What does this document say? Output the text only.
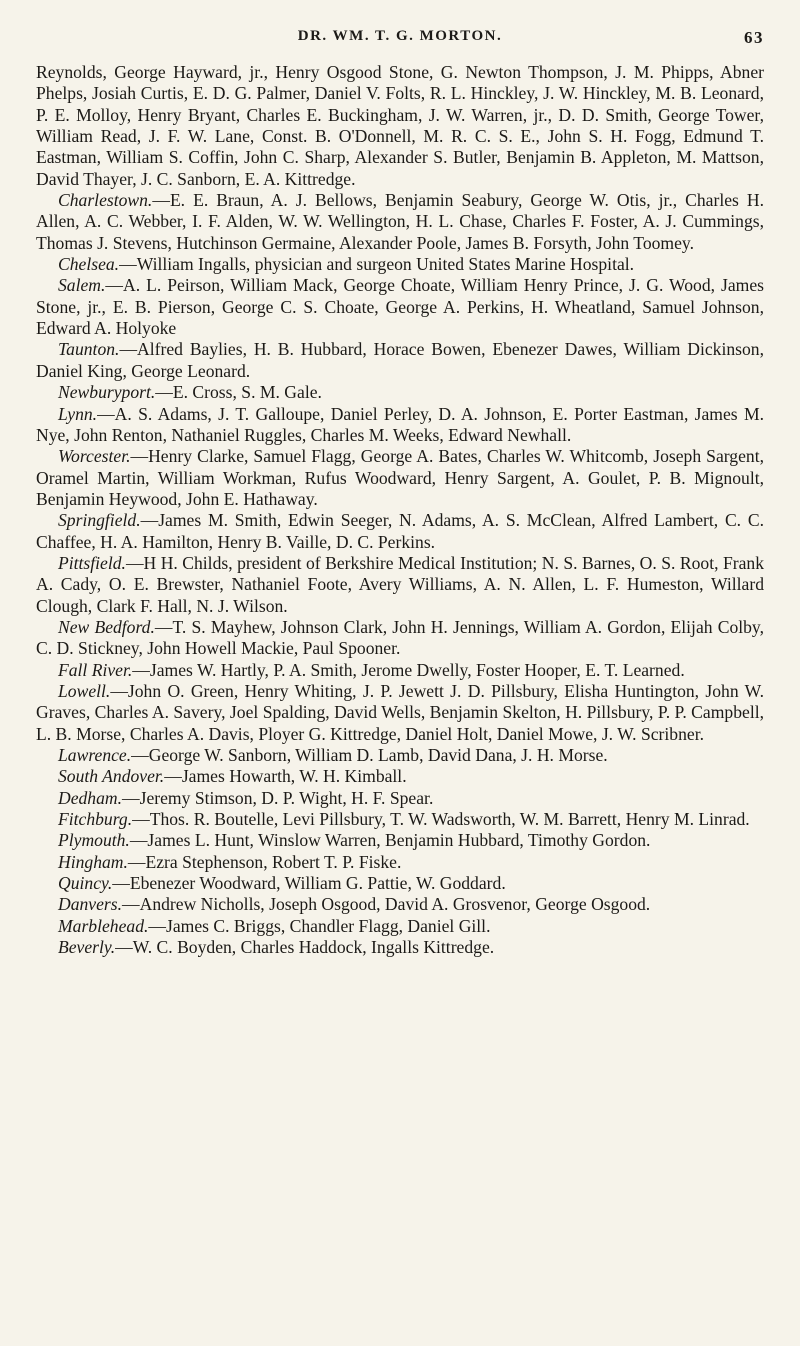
DR. WM. T. G. MORTON.	63

Reynolds, George Hayward, jr., Henry Osgood Stone, G. Newton Thompson, J. M. Phipps, Abner Phelps, Josiah Curtis, E. D. G. Palmer, Daniel V. Folts, R. L. Hinckley, J. W. Hinckley, M. B. Leonard, P. E. Molloy, Henry Bryant, Charles E. Buckingham, J. W. Warren, jr., D. D. Smith, George Tower, William Read, J. F. W. Lane, Const. B. O'Donnell, M. R. C. S. E., John S. H. Fogg, Edmund T. Eastman, William S. Coffin, John C. Sharp, Alexander S. Butler, Benjamin B. Appleton, M. Mattson, David Thayer, J. C. Sanborn, E. A. Kittredge.

Charlestown.—E. E. Braun, A. J. Bellows, Benjamin Seabury, George W. Otis, jr., Charles H. Allen, A. C. Webber, I. F. Alden, W. W. Wellington, H. L. Chase, Charles F. Foster, A. J. Cummings, Thomas J. Stevens, Hutchinson Germaine, Alexander Poole, James B. Forsyth, John Toomey.

Chelsea.—William Ingalls, physician and surgeon United States Marine Hospital.

Salem.—A. L. Peirson, William Mack, George Choate, William Henry Prince, J. G. Wood, James Stone, jr., E. B. Pierson, George C. S. Choate, George A. Perkins, H. Wheatland, Samuel Johnson, Edward A. Holyoke

Taunton.—Alfred Baylies, H. B. Hubbard, Horace Bowen, Ebenezer Dawes, William Dickinson, Daniel King, George Leonard.

Newburyport.—E. Cross, S. M. Gale.

Lynn.—A. S. Adams, J. T. Galloupe, Daniel Perley, D. A. Johnson, E. Porter Eastman, James M. Nye, John Renton, Nathaniel Ruggles, Charles M. Weeks, Edward Newhall.

Worcester.—Henry Clarke, Samuel Flagg, George A. Bates, Charles W. Whitcomb, Joseph Sargent, Oramel Martin, William Workman, Rufus Woodward, Henry Sargent, A. Goulet, P. B. Mignoult, Benjamin Heywood, John E. Hathaway.

Springfield.—James M. Smith, Edwin Seeger, N. Adams, A. S. McClean, Alfred Lambert, C. C. Chaffee, H. A. Hamilton, Henry B. Vaille, D. C. Perkins.

Pittsfield.—H H. Childs, president of Berkshire Medical Institution; N. S. Barnes, O. S. Root, Frank A. Cady, O. E. Brewster, Nathaniel Foote, Avery Williams, A. N. Allen, L. F. Humeston, Willard Clough, Clark F. Hall, N. J. Wilson.

New Bedford.—T. S. Mayhew, Johnson Clark, John H. Jennings, William A. Gordon, Elijah Colby, C. D. Stickney, John Howell Mackie, Paul Spooner.

Fall River.—James W. Hartly, P. A. Smith, Jerome Dwelly, Foster Hooper, E. T. Learned.

Lowell.—John O. Green, Henry Whiting, J. P. Jewett J. D. Pillsbury, Elisha Huntington, John W. Graves, Charles A. Savery, Joel Spalding, David Wells, Benjamin Skelton, H. Pillsbury, P. P. Campbell, L. B. Morse, Charles A. Davis, Ployer G. Kittredge, Daniel Holt, Daniel Mowe, J. W. Scribner.

Lawrence.—George W. Sanborn, William D. Lamb, David Dana, J. H. Morse.

South Andover.—James Howarth, W. H. Kimball.

Dedham.—Jeremy Stimson, D. P. Wight, H. F. Spear.

Fitchburg.—Thos. R. Boutelle, Levi Pillsbury, T. W. Wadsworth, W. M. Barrett, Henry M. Linrad.

Plymouth.—James L. Hunt, Winslow Warren, Benjamin Hubbard, Timothy Gordon.

Hingham.—Ezra Stephenson, Robert T. P. Fiske.

Quincy.—Ebenezer Woodward, William G. Pattie, W. Goddard.

Danvers.—Andrew Nicholls, Joseph Osgood, David A. Grosvenor, George Osgood.

Marblehead.—James C. Briggs, Chandler Flagg, Daniel Gill.

Beverly.—W. C. Boyden, Charles Haddock, Ingalls Kittredge.
